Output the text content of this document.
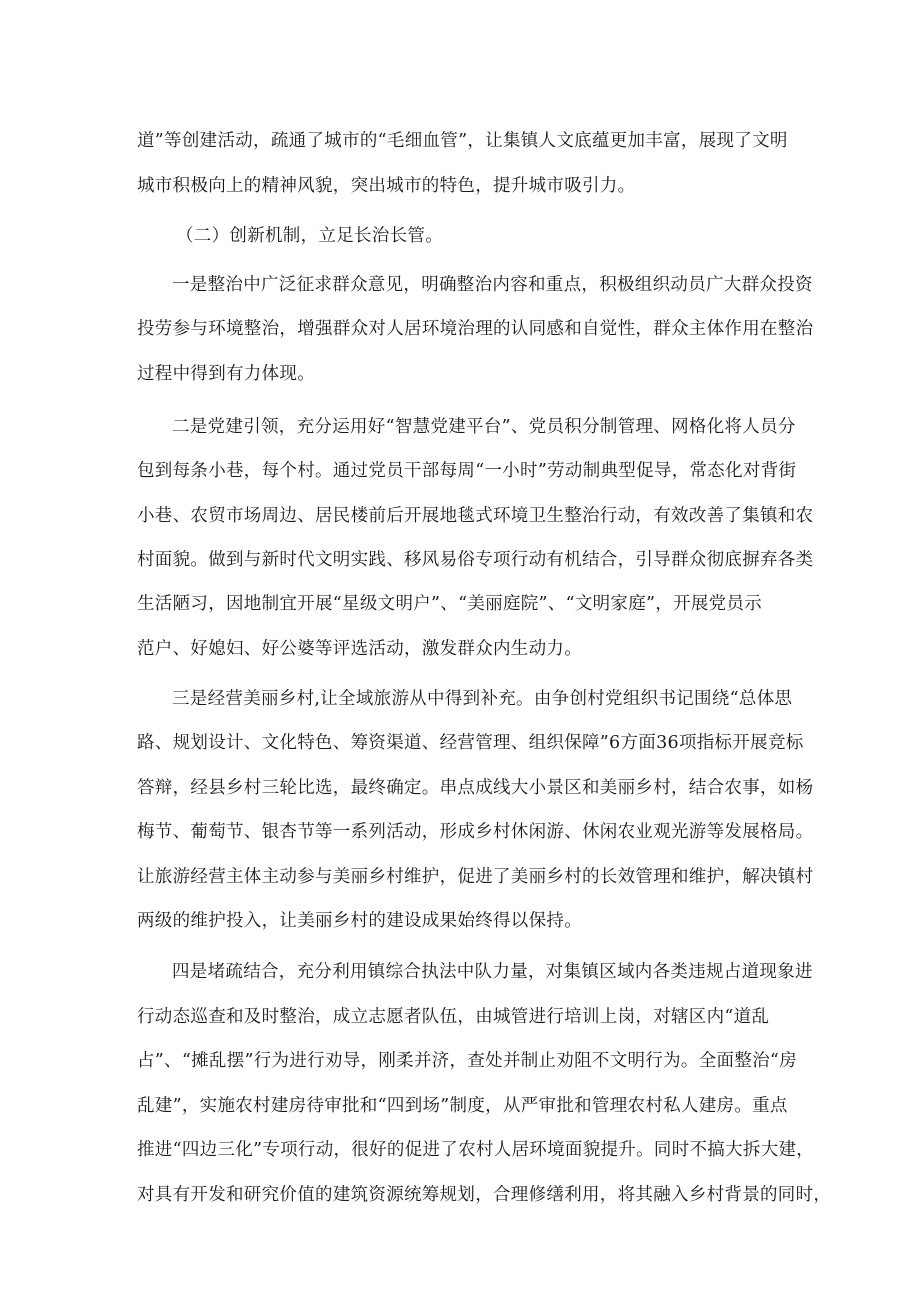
道”等创建活动，疏通了城市的“毛细血管”，让集镇人文底蕴更加丰富，展现了文明
城市积极向上的精神风貌，突出城市的特色，提升城市吸引力。
（二）创新机制，立足长治长管。
一是整治中广泛征求群众意见，明确整治内容和重点，积极组织动员广大群众投资
投劳参与环境整治，增强群众对人居环境治理的认同感和自觉性，群众主体作用在整治
过程中得到有力体现。
二是党建引领，充分运用好“智慧党建平台”、党员积分制管理、网格化将人员分
包到每条小巷，每个村。通过党员干部每周“一小时”劳动制典型促导，常态化对背街
小巷、农贸市场周边、居民楼前后开展地毯式环境卫生整治行动，有效改善了集镇和农
村面貌。做到与新时代文明实践、移风易俗专项行动有机结合，引导群众彻底摒弃各类
生活陋习，因地制宜开展“星级文明户”、“美丽庭院”、“文明家庭”，开展党员示
范户、好媳妇、好公婆等评选活动，激发群众内生动力。
三是经营美丽乡村,让全域旅游从中得到补充。由争创村党组织书记围绕“总体思
路、规划设计、文化特色、筹资渠道、经营管理、组织保障”6方面36项指标开展竞标
答辩，经县乡村三轮比选，最终确定。串点成线大小景区和美丽乡村，结合农事，如杨
梅节、葡萄节、银杏节等一系列活动，形成乡村休闲游、休闲农业观光游等发展格局。
让旅游经营主体主动参与美丽乡村维护，促进了美丽乡村的长效管理和维护，解决镇村
两级的维护投入，让美丽乡村的建设成果始终得以保持。
四是堵疏结合，充分利用镇综合执法中队力量，对集镇区域内各类违规占道现象进
行动态巡查和及时整治，成立志愿者队伍，由城管进行培训上岗，对辖区内“道乱
占”、“摊乱摆”行为进行劝导，刚柔并济，查处并制止劝阻不文明行为。全面整治“房
乱建”，实施农村建房待审批和“四到场”制度，从严审批和管理农村私人建房。重点
推进“四边三化”专项行动，很好的促进了农村人居环境面貌提升。同时不搞大拆大建，
对具有开发和研究价值的建筑资源统筹规划，合理修缮利用，将其融入乡村背景的同时，
